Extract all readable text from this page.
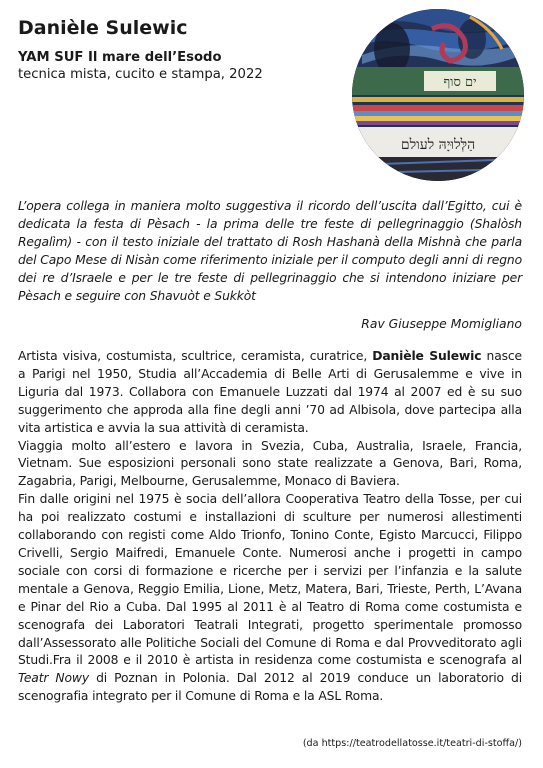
Danièle Sulewic
YAM SUF Il mare dell’Esodo
tecnica mista, cucito e stampa, 2022
ים סוף
הַלְּלוּיָהּ לעולם

L’opera collega in maniera molto suggestiva il ricordo dell’uscita dall’Egitto, cui è dedicata la festa di Pèsach - la prima delle tre feste di pellegrinaggio (Shalòsh Regalìm) - con il testo iniziale del trattato di Rosh Hashanà della Mishnà che parla del Capo Mese di Nisàn come riferimento iniziale per il computo degli anni di regno dei re d’Israele e per le tre feste di pellegrinaggio che si intendono iniziare per Pèsach e seguire con Shavuòt e Sukkòt

Rav Giuseppe Momigliano

Artista visiva, costumista, scultrice, ceramista, curatrice, Danièle Sulewic nasce a Parigi nel 1950, Studia all’Accademia di Belle Arti di Gerusalemme e vive in Liguria dal 1973. Collabora con Emanuele Luzzati dal 1974 al 2007 ed è su suo suggerimento che approda alla fine degli anni ’70 ad Albisola, dove partecipa alla vita artistica e avvia la sua attività di ceramista.

Viaggia molto all’estero e lavora in Svezia, Cuba, Australia, Israele, Francia, Vietnam. Sue esposizioni personali sono state realizzate a Genova, Bari, Roma, Zagabria, Parigi, Melbourne, Gerusalemme, Monaco di Baviera.

Fin dalle origini nel 1975 è socia dell’allora Cooperativa Teatro della Tosse, per cui ha poi realizzato costumi e installazioni di sculture per numerosi allestimenti collaborando con registi come Aldo Trionfo, Tonino Conte, Egisto Marcucci, Filippo Crivelli, Sergio Maifredi, Emanuele Conte. Numerosi anche i progetti in campo sociale con corsi di formazione e ricerche per i servizi per l’infanzia e la salute mentale a Genova, Reggio Emilia, Lione, Metz, Matera, Bari, Trieste, Perth, L’Avana e Pinar del Rio a Cuba. Dal 1995 al 2011 è al Teatro di Roma come costumista e scenografa dei Laboratori Teatrali Integrati, progetto sperimentale promosso dall’Assessorato alle Politiche Sociali del Comune di Roma e dal Provveditorato agli Studi.Fra il 2008 e il 2010 è artista in residenza come costumista e scenografa al Teatr Nowy di Poznan in Polonia. Dal 2012 al 2019 conduce un laboratorio di scenografia integrato per il Comune di Roma e la ASL Roma.

(da https://teatrodellatosse.it/teatri-di-stoffa/)
